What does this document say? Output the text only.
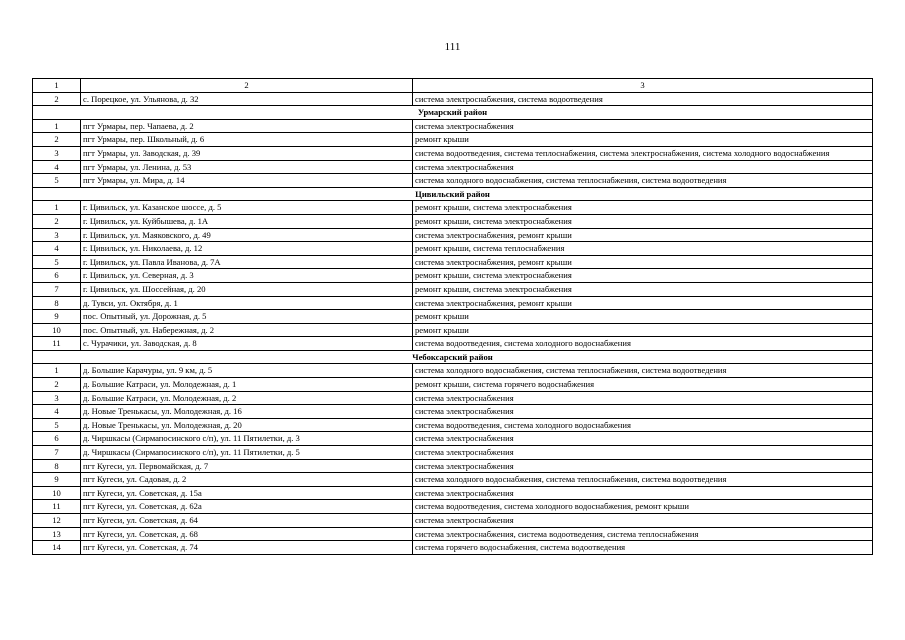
111
1	2	3
2	с. Порецкое, ул. Ульянова, д. 32	система электроснабжения, система водоотведения
Урмарский район		
1	пгт Урмары, пер. Чапаева, д. 2	система электроснабжения
2	пгт Урмары, пер. Школьный, д. 6	ремонт крыши
3	пгт Урмары, ул. Заводская, д. 39	система водоотведения, система теплоснабжения, система электроснабжения, система холодного водоснабжения
4	пгт Урмары, ул. Ленина, д. 53	система электроснабжения
5	пгт Урмары, ул. Мира, д. 14	система холодного водоснабжения, система теплоснабжения, система водоотведения
Цивильский район		
1	г. Цивильск, ул. Казанское шоссе, д. 5	ремонт крыши, система электроснабжения
2	г. Цивильск, ул. Куйбышева, д. 1А	ремонт крыши, система электроснабжения
3	г. Цивильск, ул. Маяковского, д. 49	система электроснабжения, ремонт крыши
4	г. Цивильск, ул. Николаева, д. 12	ремонт крыши, система теплоснабжения
5	г. Цивильск, ул. Павла Иванова, д. 7А	система электроснабжения, ремонт крыши
6	г. Цивильск, ул. Северная, д. 3	ремонт крыши, система электроснабжения
7	г. Цивильск, ул. Шоссейная, д. 20	ремонт крыши, система электроснабжения
8	д. Тувси, ул. Октября, д. 1	система электроснабжения, ремонт крыши
9	пос. Опытный, ул. Дорожная, д. 5	ремонт крыши
10	пос. Опытный, ул. Набережная, д. 2	ремонт крыши
11	с. Чурачики, ул. Заводская, д. 8	система водоотведения, система холодного водоснабжения
Чебоксарский район		
1	д. Большие Карачуры, ул. 9 км, д. 5	система холодного водоснабжения, система теплоснабжения, система водоотведения
2	д. Большие Катраси, ул. Молодежная, д. 1	ремонт крыши, система горячего водоснабжения
3	д. Большие Катраси, ул. Молодежная, д. 2	система электроснабжения
4	д. Новые Тренькасы, ул. Молодежная, д. 16	система электроснабжения
5	д. Новые Тренькасы, ул. Молодежная, д. 20	система водоотведения, система холодного водоснабжения
6	д. Чиршкасы (Сирмапосинского с/п), ул. 11 Пятилетки, д. 3	система электроснабжения
7	д. Чиршкасы (Сирмапосинского с/п), ул. 11 Пятилетки, д. 5	система электроснабжения
8	пгт Кугеси, ул. Первомайская, д. 7	система электроснабжения
9	пгт Кугеси, ул. Садовая, д. 2	система холодного водоснабжения, система теплоснабжения, система водоотведения
10	пгт Кугеси, ул. Советская, д. 15а	система электроснабжения
11	пгт Кугеси, ул. Советская, д. 62а	система водоотведения, система холодного водоснабжения, ремонт крыши
12	пгт Кугеси, ул. Советская, д. 64	система электроснабжения
13	пгт Кугеси, ул. Советская, д. 68	система электроснабжения, система водоотведения, система теплоснабжения
14	пгт Кугеси, ул. Советская, д. 74	система горячего водоснабжения, система водоотведения
